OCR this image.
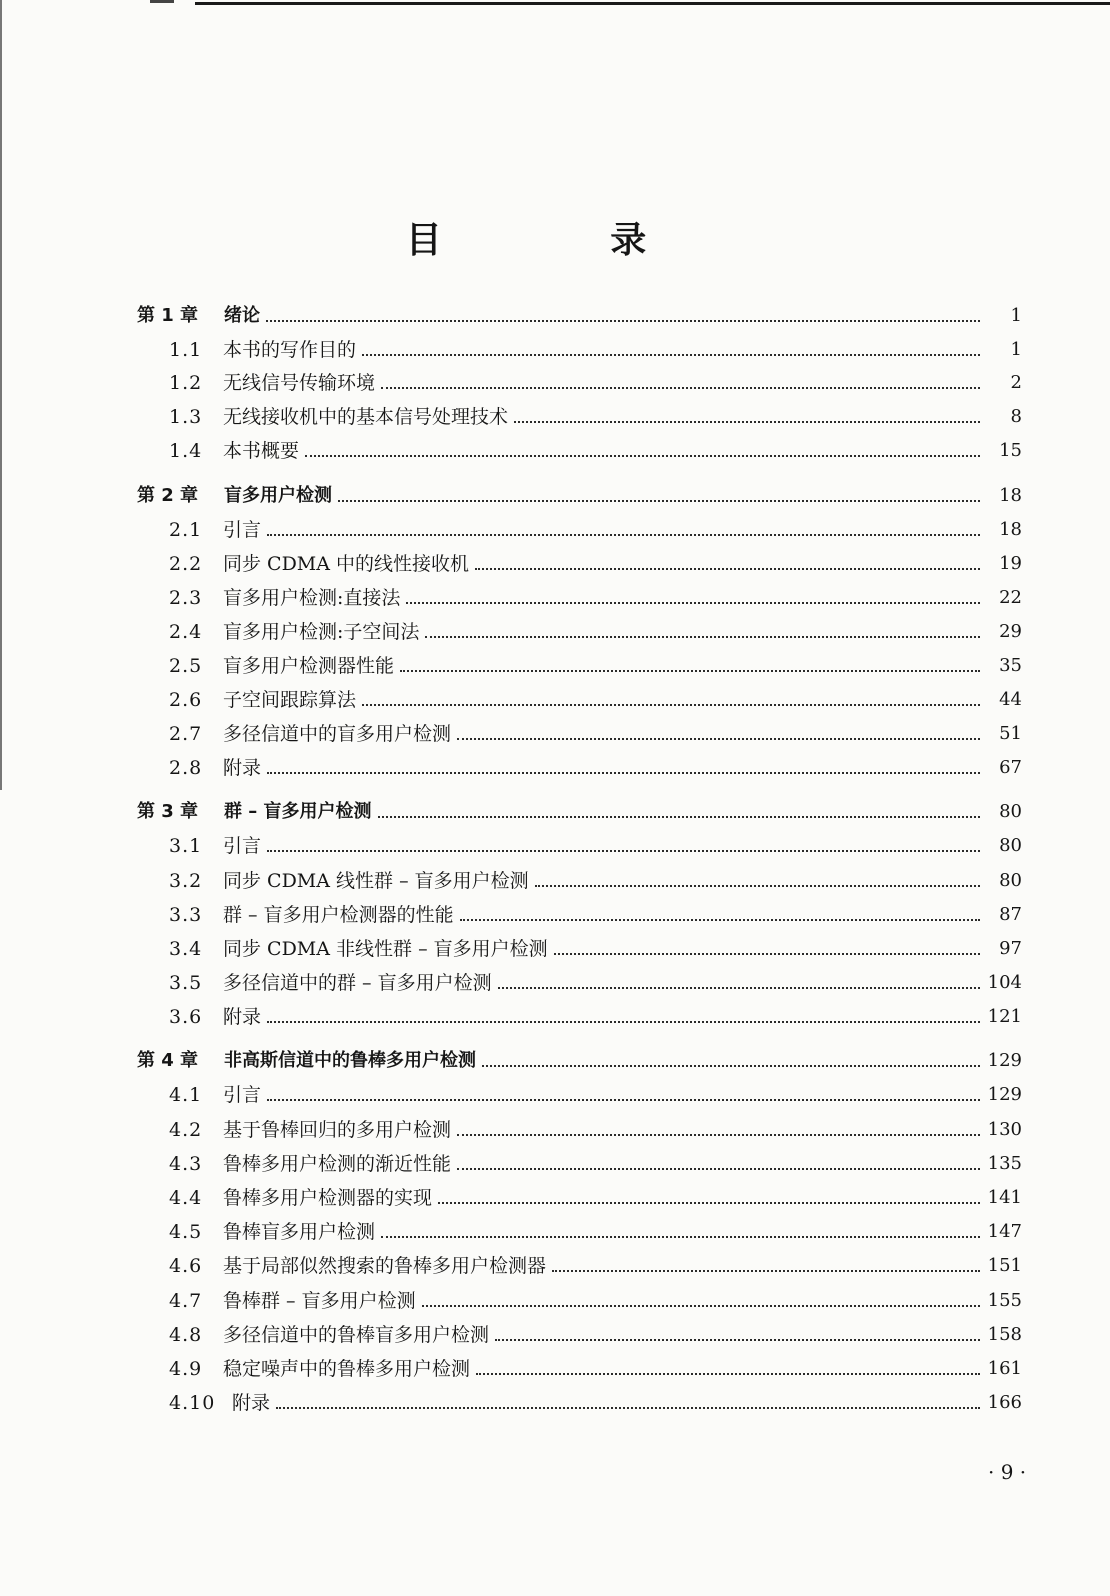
目 录
第 1 章 绪论	1
1.1 本书的写作目的	1
1.2 无线信号传输环境	2
1.3 无线接收机中的基本信号处理技术	8
1.4 本书概要	15
第 2 章 盲多用户检测	18
2.1 引言	18
2.2 同步 CDMA 中的线性接收机	19
2.3 盲多用户检测:直接法	22
2.4 盲多用户检测:子空间法	29
2.5 盲多用户检测器性能	35
2.6 子空间跟踪算法	44
2.7 多径信道中的盲多用户检测	51
2.8 附录	67
第 3 章 群 – 盲多用户检测	80
3.1 引言	80
3.2 同步 CDMA 线性群 – 盲多用户检测	80
3.3 群 – 盲多用户检测器的性能	87
3.4 同步 CDMA 非线性群 – 盲多用户检测	97
3.5 多径信道中的群 – 盲多用户检测	104
3.6 附录	121
第 4 章 非高斯信道中的鲁棒多用户检测	129
4.1 引言	129
4.2 基于鲁棒回归的多用户检测	130
4.3 鲁棒多用户检测的渐近性能	135
4.4 鲁棒多用户检测器的实现	141
4.5 鲁棒盲多用户检测	147
4.6 基于局部似然搜索的鲁棒多用户检测器	151
4.7 鲁棒群 – 盲多用户检测	155
4.8 多径信道中的鲁棒盲多用户检测	158
4.9 稳定噪声中的鲁棒多用户检测	161
4.10 附录	166
· 9 ·
